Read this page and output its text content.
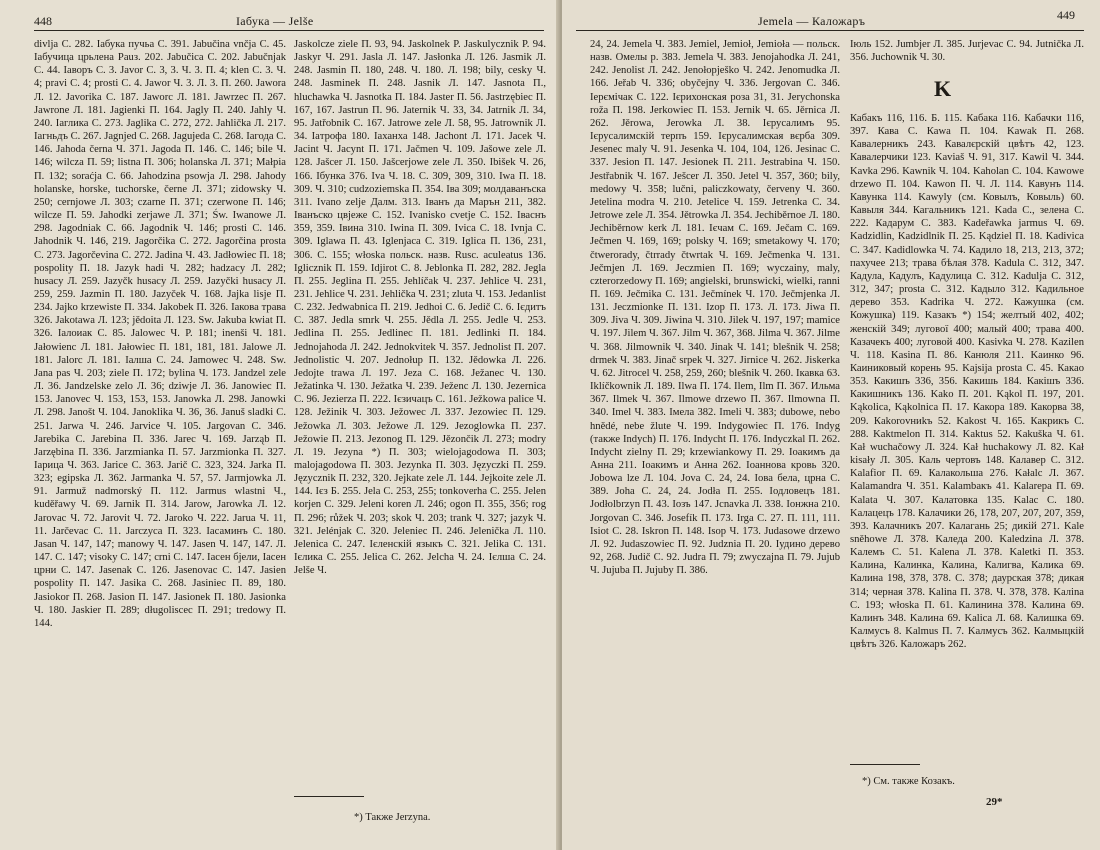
448	Iaбука — Jelše

divlja C. 282. Iaбука пучьа C. 391. Jabučina vnčja C. 45. Iaбучица црьлена Pаuз. 202. Jabučica C. 202. Jabučnjak C. 44. Iaворъ C. 3. Javor C. 3, 3. Ч. 3. П. 4; klen C. 3. Ч. 4; pravi C. 4; prosti C. 4. Jawor Ч. 3. Л. 3. П. 260. Jawora Л. 12. Javorika C. 187. Jaworc Л. 181. Jawrzec П. 267. Jawrone Л. 181. Jagienki П. 164. Jagly П. 240. Jahly Ч. 240. Iaглика C. 273. Jaglika C. 272, 272. Jahlička Л. 217. Iaгньдъ C. 267. Jagnjed C. 268. Jagujeda C. 268. Iaгода C. 146. Jahoda černa Ч. 371. Jagoda П. 146. C. 146; bile Ч. 146; wilcza П. 59; listna П. 306; holanska Л. 371; Małpia П. 132; soraćja C. 66. Jahodzina psowja Л. 298. Jahody holanske, horske, tuchorske, černe Л. 371; zidowsky Ч. 250; cernjowe Л. 303; czarne П. 371; czerwone П. 146; wilcze П. 59. Jahodki zerjawe Л. 371; Św. Iwanowe Л. 298. Jagodniak C. 66. Jagodnik Ч. 146; prosti C. 146. Jahodnik Ч. 146, 219. Jagorčika C. 272. Jagorčina prosta C. 273. Jagorčevina C. 272. Jadina Ч. 43. Jadłowiec П. 18; pospolity П. 18. Jazyk hadi Ч. 282; hadzacy Л. 282; husacy Л. 259. Jazyčk husacy Л. 259. Jazyčki husacy Л. 259, 259. Jazmin П. 180. Jazyček Ч. 168. Jajka lisje П. 234. Jajko krzewiste П. 334. Jakobek П. 326. Iaкова трава 326. Jakotawa Л. 123; jědoita Л. 123. Sw. Jakuba kwiat П. 326. Iaлоиак C. 85. Jalowec Ч. P. 181; inenši Ч. 181. Jałowienc Л. 181. Jałowiec П. 181, 181, 181. Jalowe Л. 181. Jalorc Л. 181. Iaлша C. 24. Jamowec Ч. 248. Sw. Jana pas Ч. 203; ziele П. 172; bylina Ч. 173. Jandzel zele Л. 36. Jandzelske zelo Л. 36; dziwje Л. 36. Janowiec П. 153. Janovec Ч. 153, 153, 153. Janowka Л. 298. Janowki Л. 298. Janošt Ч. 104. Janoklika Ч. 36, 36. Januš sladki C. 251. Jarwa Ч. 246. Jarvice Ч. 105. Jargovan C. 346. Jarebika C. Jarebina П. 336. Jarec Ч. 169. Jarząb П. Jarzębina П. 336. Jarzmianka П. 57. Jarzmionka П. 327. Iaрица Ч. 363. Jarice C. 363. Jarič C. 323, 324. Jarka П. 323; egipska Л. 362. Jarmanka Ч. 57, 57. Jarmjowka Л. 91. Jarmuž nadmorský П. 112. Jarmus wlastni Ч., kuděřawy Ч. 69. Jarnik П. 314. Jarow, Jarowka Л. 12. Jarovac Ч. 72. Jarovit Ч. 72. Jaroko Ч. 222. Jarua Ч. 11, 11. Jarčevac C. 11. Jarczyca П. 323. Iaсаминъ C. 180. Jasan Ч. 147, 147; manowy Ч. 147. Jasen Ч. 147, 147. Л. 147. C. 147; visoky C. 147; crni C. 147. Iaсен бјели, Iaсен црни C. 147. Jasenak C. 126. Jasenovac C. 147. Jasien pospolity П. 147. Jasika C. 268. Jasinieс П. 89, 180. Jasiokor П. 268. Jasion П. 147. Jasionek П. 180. Jasionka Ч. 180. Jaskier П. 289; długoliscec П. 291; tredowy П. 144.

Jaskolcze ziele П. 93, 94. Jaskolnek P. Jaskulycznik P. 94. Jaskyr Ч. 291. Jasla Л. 147. Jasłonka Л. 126. Jasmik Л. 248. Jasmin П. 180, 248. Ч. 180. Л. 198; bily, cesky Ч. 248. Jasminek П. 248. Jasnik Л. 147. Jasnota П., hluchawka Ч. Jasnotka П. 184. Jaster П. 56. Jastrzębiec П. 167, 167. Jastrun П. 96. Jaternik Ч. 33, 34. Jatrnik Л. 34, 95. Jatřobnik C. 167. Jatrowe zele Л. 58, 95. Jatrownik Л. 34. Iaтрофа 180. Iaханха 148. Jachont Л. 171. Jacek Ч. Jacint Ч. Jacynt П. 171. Jačmen Ч. 109. Jašowe zele Л. 128. Jašcer Л. 150. Jašcerjowe zele Л. 350. Ibišek Ч. 26, 166. Iбунка 376. Iva Ч. 18. C. 309, 309, 310. Iwa П. 18. 309. Ч. 310; cudzoziemska П. 354. Iва 309; молдаванъска 311. Ivano zelje Далм. 313. Iванъ да Марън 211, 382. Iванъско цвјеже C. 152. Ivanisko cvetje C. 152. Iваснъ 359, 359. Iвина 310. Iwina П. 309. Ivica C. 18. Ivnja C. 309. Iglawa П. 43. Iglenjaca C. 319. Iglica П. 136, 231, 306. C. 155; włoska польск. назв. Rusc. aculeatus 136. Iglicznik П. 159. Idjirot C. 8. Jeblonka П. 282, 282. Jegla П. 255. Jeglina П. 255. Jehlíčak Ч. 237. Jehlice Ч. 231, 231. Jehlice Ч. 231. Jehlička Ч. 231; zluta Ч. 153. Jedanlist C. 232. Jedwabnica П. 219. Jedhoi C. 6. Jedič C. 6. Iєдитъ C. 387. Jedla smrk Ч. 255. Jědla Л. 255. Jedle Ч. 253. Jedlina П. 255. Jedlinec П. 181. Jedlinki П. 184. Jednojahoda Л. 242. Jednokvitek Ч. 357. Jednolist П. 207. Jednolistic Ч. 207. Jednołup П. 132. Jědowka Л. 226. Jedojte trawa Л. 197. Jeza C. 168. Ježanec Ч. 130. Ježatinka Ч. 130. Ježatka Ч. 239. Ježenc Л. 130. Jezernica C. 96. Jezierza П. 222. Iєзичацъ C. 161. Ježkowa palice Ч. 128. Ježinik Ч. 303. Ježowec Л. 337. Jezowiec П. 129. Ježowka Л. 303. Ježowe Л. 129. Jezoglowka П. 237. Ježowie П. 213. Jezonog П. 129. Jězončik Л. 273; modry Л. 19. Jezyna *) П. 303; wielojagodowa П. 303; malojagodowa П. 303. Jezynka П. 303. Języczki П. 259. Języcznik П. 232, 320. Jejkate zele Л. 144. Jejkoite zele Л. 144. Iєз Б. 255. Jela C. 253, 255; tonkoverha C. 255. Jelen korjen C. 329. Jeleni koren Л. 246; ogon П. 355, 356; rog П. 296; růžek Ч. 203; skok Ч. 203; trank Ч. 327; jazyk Ч. 321. Jelénjak C. 320. Jeleniec П. 246. Jelenička Л. 110. Jelenica C. 247. Iєленскій языкъ C. 321. Jelika C. 131. Iєлика C. 255. Jelica C. 262. Jelcha Ч. 24. Iєлша C. 24. Jelše Ч.

*) Также Jerzyna.
Jemela — Каложаръ	449

24, 24. Jemela Ч. 383. Jemiel, Jemioł, Jemioła — польск. назв. Омелы р. 383. Jemela Ч. 383. Jenojahodka Л. 241, 242. Jenolist Л. 242. Jenołopješko Ч. 242. Jenomudka Л. 166. Jeřab Ч. 336; obyčejny Ч. 336. Jergovan C. 346. Iерємічак C. 122. Iєрихонская роза 31, 31. Jerychonska roža П. 198. Jerkowiec П. 153. Jernik Ч. 65. Jěrnica Л. 262. Jěrowa, Jerowka Л. 38. Iєрусалимъ 95. Iєрусалимскій терпъ 159. Iєрусалимская вєрба 309. Jesenec maly Ч. 91. Jesenka Ч. 104, 104, 126. Jesinac C. 337. Jesion П. 147. Jesionek П. 211. Jestrabina Ч. 150. Jestřabnik Ч. 167. Ješcer Л. 350. Jetel Ч. 357, 360; bily, medowy Ч. 358; lučni, paliczkowaty, červeny Ч. 360. Jetelina modra Ч. 210. Jetelice Ч. 159. Jetrenka C. 34. Jetrowe zele Л. 354. Jětrowka Л. 354. Jechiběrnoe Л. 180. Jechiběrnow kerk Л. 181. Iєчам C. 169. Ječam C. 169. Ječmen Ч. 169, 169; polsky Ч. 169; smetakowy Ч. 170; čtwerorady, čtrrady čtwrtak Ч. 169. Ječmenka Ч. 131. Ječmjen Л. 169. Jeczmien П. 169; wyczainy, maly, czterorzedowy П. 169; angielski, brunswicki, wielki, ranni П. 169. Ječmika C. 131. Ječmínek Ч. 170. Ječmjenka Л. 131. Jeczmionke П. 131. Izop П. 173. Л. 173. Jiwa П. 309. Jiva Ч. 309. Jiwina Ч. 310. Jilek Ч. 197, 197; mamice Ч. 197. Jilem Ч. 367. Jilm Ч. 367, 368. Jilma Ч. 367. Jilme Ч. 368. Jilmownik Ч. 340. Jinak Ч. 141; blešnik Ч. 258; drmek Ч. 383. Jinač srpek Ч. 327. Jirnice Ч. 262. Jiskerka Ч. 62. Jitrocel Ч. 258, 259, 260; blešnik Ч. 260. Iкавка 63. Iklíčkownik Л. 189. Ilwa П. 174. Ilem, Ilm П. 367. Ильма 367. Ilmek Ч. 367. Ilmowe drzewo П. 367. Ilmowna П. 340. Imel Ч. 383. Iмела 382. Imeli Ч. 383; dubowe, nebo hnědé, nebe žlute Ч. 199. Indygowiec П. 176. Indyg (также Indych) П. 176. Indycht П. 176. Indyczkal П. 262. Indycht zielny П. 29; krzewiankowy П. 29. Iоакимъ да Анна 211. Iоакимъ и Анна 262. Iоаннова кровь 320. Jobowa lze Л. 104. Jova C. 24, 24. Iова бела, црна C. 389. Joha C. 24, 24. Jodła П. 255. Iодловецъ 181. Jodłolbrzyn П. 43. Iозъ 147. Jcnavka Л. 338. Iонжна 210. Jorgovan C. 346. Josefík П. 173. Irga C. 27. П. 111, 111. Isiot C. 28. Iskron П. 148. Isop Ч. 173. Judasowe drzewo Л. 92. Judaszowiec П. 92. Judznia П. 20. Iудино дерево 92, 268. Judič C. 92. Judra П. 79; zwyczajna П. 79. Jujub Ч. Jujuba П. Jujuby П. 386.

Iюль 152. Jumbjer Л. 385. Jurjevac C. 94. Jutnička Л. 356. Juchownik Ч. 30.

K

Кабакъ 116, 116. Б. 115. Кабака 116. Кабачки 116, 397. Кава C. Кawa П. 104. Kawak П. 268. Кавалерникъ 243. Кавалєрскій цвѣтъ 42, 123. Кавалерчики 123. Kaviaš Ч. 91, 317. Kawil Ч. 344. Kavka 296. Kawnik Ч. 104. Kaholan C. 104. Kawowe drzewo П. 104. Kawon П. Ч. Л. 114. Кавунъ 114. Кавунка 114. Kawyly (см. Ковылъ, Ковыль) 60. Кавыля 344. Кагальникъ 121. Kada C., зелена C. 222. Кадарум C. 383. Kadeřawka jarmus Ч. 69. Kadzidlin, Kadzidlnik П. 25. Kądziel П. 18. Kadivica C. 347. Kadidlowka Ч. 74. Кадило 18, 213, 213, 372; пахучее 213; трава бѣлая 378. Kadula C. 312, 347. Кадула, Кадулъ, Кадулица C. 312. Kadulja C. 312, 312, 347; prosta C. 312. Кадыло 312. Кадильное дерево 353. Kadrika Ч. 272. Кажушка (см. Кожушка) 119. Kазакъ *) 154; желтый 402, 402; женскій 349; лугової 400; малый 400; трава 400. Казачекъ 400; луговой 400. Kasivka Ч. 278. Kazilen Ч. 118. Kasina П. 86. Канюля 211. Kaинко 96. Каиниковый корень 95. Kajsija prosta C. 45. Какао 353. Какишъ 336, 356. Какишь 184. Какішъ 336. Какишникъ 136. Kako П. 201. Kąkol П. 197, 201. Kąkolica, Kąkolnica П. 17. Какора 189. Какорва 38, 209. Кakorovниkъ 52. Kakost Ч. 165. Какрикъ C. 288. Kaktmelon П. 314. Kaktus 52. Kakuška Ч. 61. Kał wuchačowy Л. 324. Kał huchakowy Л. 82. Kał kisały Л. 305. Каль чертовъ 148. Калавер C. 312. Kalafior П. 69. Калакольша 276. Kałalc Л. 367. Kalamandra Ч. 351. Kalambaкъ 41. Kalarepa П. 69. Kalata Ч. 307. Калатовка 135. Kalac C. 180. Kaлaцецъ 178. Калачики 26, 178, 207, 207, 207, 359, 393. Калачникъ 207. Калагань 25; дикій 271. Kale sněhowe Л. 378. Kaледа 200. Kaledzina Л. 378. Kалемъ C. 51. Kalena Л. 378. Kaletki П. 353. Kалина, Калинка, Калина, Калигва, Калика 69. Калина 198, 378, 378. C. 378; даурская 378; дикая 314; черная 378. Kalina П. 378. Ч. 378, 378. Kaлina C. 193; włoska П. 61. Калинина 378. Kалина 69. Калинъ 348. Kалина 69. Kalica Л. 68. Калишка 69. Kaлмусъ 8. Kalmus П. 7. Kaлмусъ 362. Калмыцкій цвѣтъ 326. Каложаръ 262.

*) См. также Козакъ.
29*
